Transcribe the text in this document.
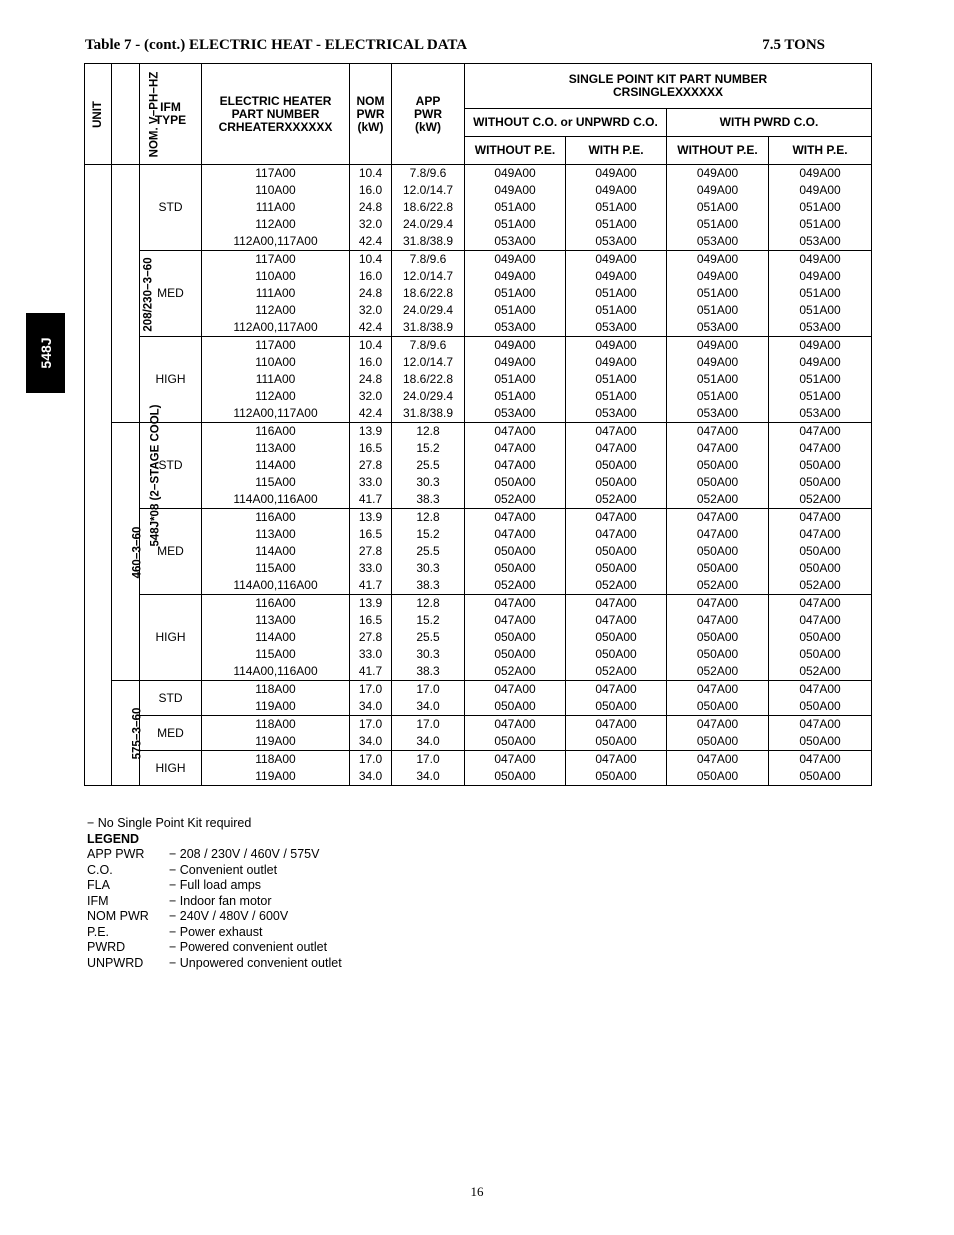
Table 7 - (cont.) ELECTRIC HEAT - ELECTRICAL DATA	7.5 TONS
548J
UNIT	NOM. V−PH−HZ	IFM TYPE	ELECTRIC HEATER PART NUMBER CRHEATERXXXXXX	NOM PWR (kW)	APP PWR (kW)	SINGLE POINT KIT PART NUMBER
CRSINGLEXXXXXX			

						WITHOUT C.O. or UNPWRD C.O.		WITH PWRD C.O.	
						WITHOUT P.E.	WITH P.E.	WITHOUT P.E.	WITH P.E.
548J*08 (2−STAGE COOL)	208/230−3−60	STD	117A00	10.4	7.8/9.6	049A00	049A00	049A00	049A00
			110A00	16.0	12.0/14.7	049A00	049A00	049A00	049A00
			111A00	24.8	18.6/22.8	051A00	051A00	051A00	051A00
			112A00	32.0	24.0/29.4	051A00	051A00	051A00	051A00
			112A00,117A00	42.4	31.8/38.9	053A00	053A00	053A00	053A00
		MED	117A00	10.4	7.8/9.6	049A00	049A00	049A00	049A00
			110A00	16.0	12.0/14.7	049A00	049A00	049A00	049A00
			111A00	24.8	18.6/22.8	051A00	051A00	051A00	051A00
			112A00	32.0	24.0/29.4	051A00	051A00	051A00	051A00
			112A00,117A00	42.4	31.8/38.9	053A00	053A00	053A00	053A00
		HIGH	117A00	10.4	7.8/9.6	049A00	049A00	049A00	049A00
			110A00	16.0	12.0/14.7	049A00	049A00	049A00	049A00
			111A00	24.8	18.6/22.8	051A00	051A00	051A00	051A00
			112A00	32.0	24.0/29.4	051A00	051A00	051A00	051A00
			112A00,117A00	42.4	31.8/38.9	053A00	053A00	053A00	053A00
	460−3−60	STD	116A00	13.9	12.8	047A00	047A00	047A00	047A00
			113A00	16.5	15.2	047A00	047A00	047A00	047A00
			114A00	27.8	25.5	047A00	050A00	050A00	050A00
			115A00	33.0	30.3	050A00	050A00	050A00	050A00
			114A00,116A00	41.7	38.3	052A00	052A00	052A00	052A00
		MED	116A00	13.9	12.8	047A00	047A00	047A00	047A00
			113A00	16.5	15.2	047A00	047A00	047A00	047A00
			114A00	27.8	25.5	050A00	050A00	050A00	050A00
			115A00	33.0	30.3	050A00	050A00	050A00	050A00
			114A00,116A00	41.7	38.3	052A00	052A00	052A00	052A00
		HIGH	116A00	13.9	12.8	047A00	047A00	047A00	047A00
			113A00	16.5	15.2	047A00	047A00	047A00	047A00
			114A00	27.8	25.5	050A00	050A00	050A00	050A00
			115A00	33.0	30.3	050A00	050A00	050A00	050A00
			114A00,116A00	41.7	38.3	052A00	052A00	052A00	052A00
	575−3−60	STD	118A00	17.0	17.0	047A00	047A00	047A00	047A00
			119A00	34.0	34.0	050A00	050A00	050A00	050A00
		MED	118A00	17.0	17.0	047A00	047A00	047A00	047A00
			119A00	34.0	34.0	050A00	050A00	050A00	050A00
		HIGH	118A00	17.0	17.0	047A00	047A00	047A00	047A00
			119A00	34.0	34.0	050A00	050A00	050A00	050A00
− No Single Point Kit required
LEGEND
APP PWR − 208 / 230V / 460V / 575V
C.O.	− Convenient outlet
FLA	− Full load amps
IFM	− Indoor fan motor
NOM PWR − 240V / 480V / 600V
P.E.	− Power exhaust
PWRD	− Powered convenient outlet
UNPWRD − Unpowered convenient outlet
16
